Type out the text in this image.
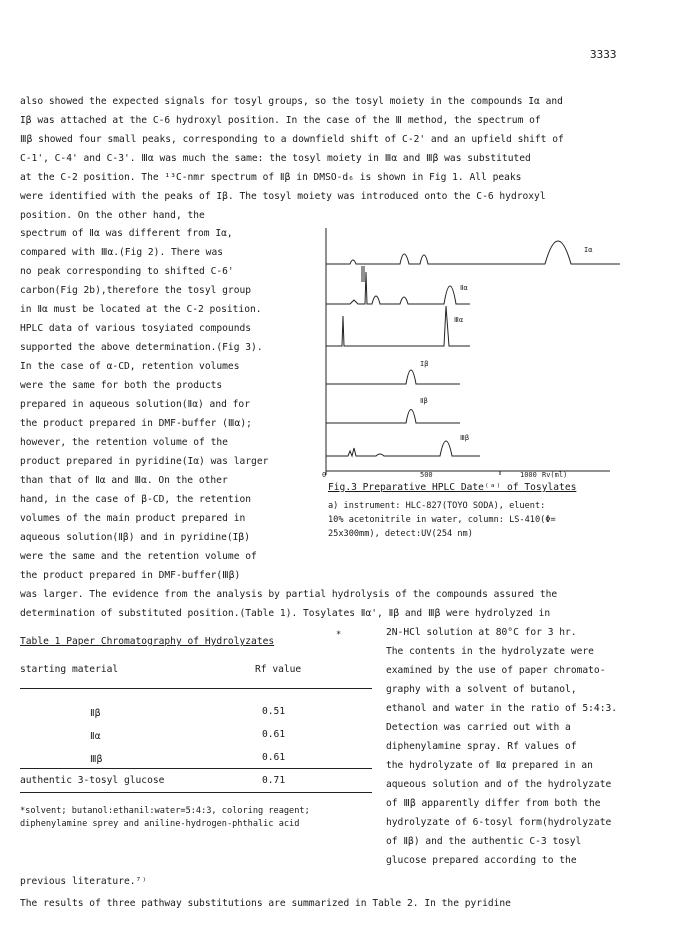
3333
also showed the expected signals for tosyl groups, so the tosyl moiety in the compounds Iα and
Iβ was attached at the C-6 hydroxyl position. In the case of the Ⅲ method, the spectrum of
Ⅲβ showed four small peaks, corresponding to a downfield shift of C-2' and an upfield shift of
C-1', C-4' and C-3'. Ⅲα was much the same: the tosyl moiety in Ⅲα and Ⅲβ was substituted
at the C-2 position. The ¹³C-nmr spectrum of Ⅱβ in DMSO-d₆ is shown in Fig 1. All peaks
were identified with the peaks of Iβ. The tosyl moiety was introduced onto the C-6 hydroxyl
position. On the other hand, the
spectrum of Ⅱα was different from Iα,
compared with Ⅲα.(Fig 2). There was
no peak corresponding to shifted C-6'
carbon(Fig 2b),therefore the tosyl group
in Ⅱα must be located at the C-2 position.
HPLC data of various tosyiated compounds
supported the above determination.(Fig 3).
In the case of α-CD, retention volumes
were the same for both the products
prepared in aqueous solution(Ⅱα) and for
the product prepared in DMF-buffer (Ⅲα);
however, the retention volume of the
product prepared in pyridine(Iα) was larger
than that of Ⅱα and Ⅲα. On the other
hand, in the case of β-CD, the retention
volumes of the main product prepared in
aqueous solution(Ⅱβ) and in pyridine(Iβ)
were the same and the retention volume of
the product prepared in DMF-buffer(Ⅲβ)
Iα
Ⅱα
Ⅲα
Iβ
Ⅱβ
Ⅲβ
0	500	1000 Rv(ml)
Fig.3 Preparative HPLC Date⁽ᵃ⁾ of Tosylates
a) instrument: HLC-827(TOYO SODA), eluent:
10% acetonitrile in water, column: LS-410(Φ=
25x300mm), detect:UV(254 nm)
was larger. The evidence from the analysis by partial hydrolysis of the compounds assured the
determination of substituted position.(Table 1). Tosylates Ⅱα', Ⅱβ and Ⅲβ were hydrolyzed in
Table 1 Paper Chromatography of Hydrolyzates
*
starting material	Rf value
Ⅱβ	0.51
Ⅱα	0.61
Ⅲβ	0.61
authentic 3-tosyl glucose	0.71
*solvent; butanol:ethanil:water=5:4:3, coloring reagent;
diphenylamine sprey and aniline-hydrogen-phthalic acid
2N-HCl solution at 80°C for 3 hr.
The contents in the hydrolyzate were
examined by the use of paper chromato-
graphy with a solvent of butanol,
ethanol and water in the ratio of 5:4:3.
Detection was carried out with a
diphenylamine spray. Rf values of
the hydrolyzate of Ⅱα prepared in an
aqueous solution and of the hydrolyzate
of Ⅲβ apparently differ from both the
hydrolyzate of 6-tosyl form(hydrolyzate
of Ⅱβ) and the authentic C-3 tosyl
glucose prepared according to the
previous literature.⁷⁾
The results of three pathway substitutions are summarized in Table 2. In the pyridine
